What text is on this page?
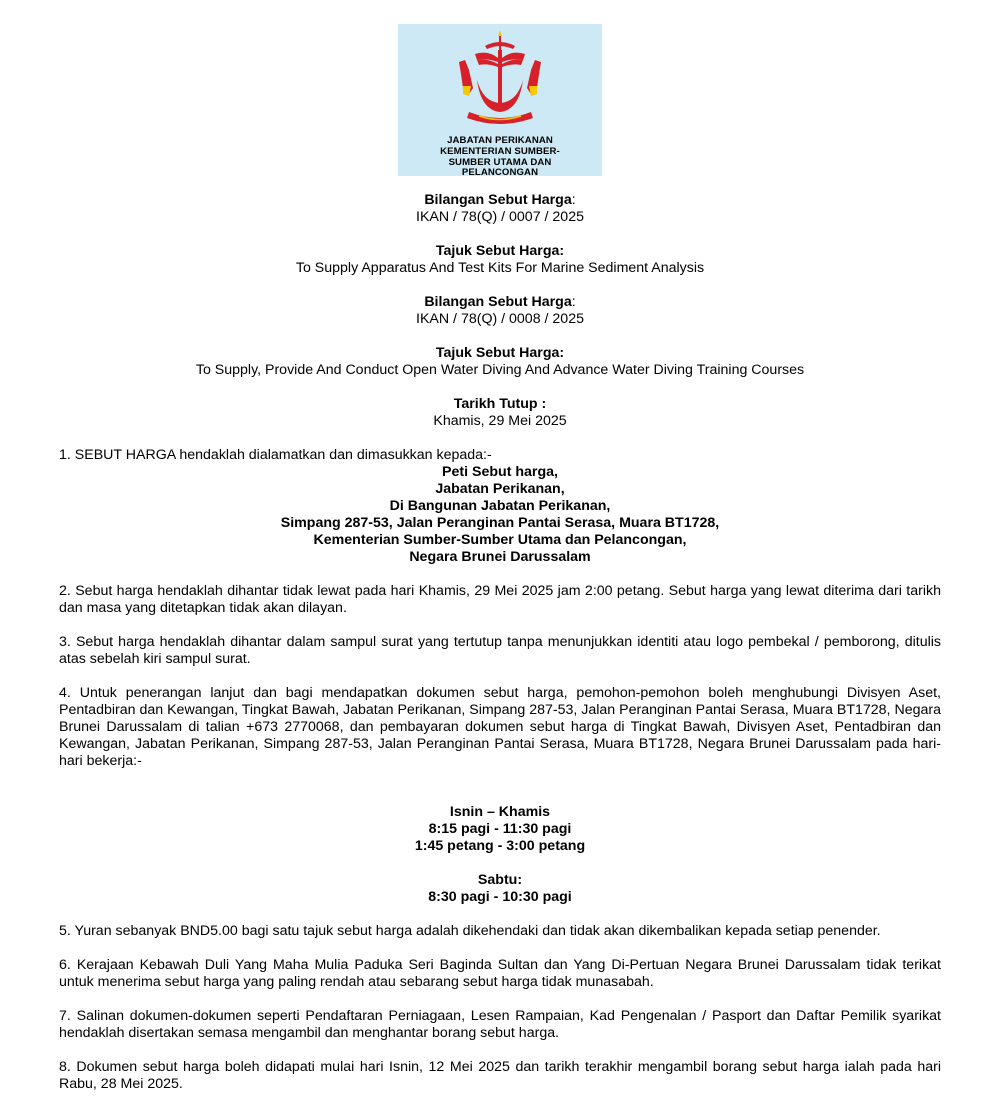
JABATAN PERIKANAN
KEMENTERIAN SUMBER-
SUMBER UTAMA DAN
PELANCONGAN
Bilangan Sebut Harga:
IKAN / 78(Q) / 0007 / 2025
Tajuk Sebut Harga:
To Supply Apparatus And Test Kits For Marine Sediment Analysis
Bilangan Sebut Harga:
IKAN / 78(Q) / 0008 / 2025
Tajuk Sebut Harga:
To Supply, Provide And Conduct Open Water Diving And Advance Water Diving Training Courses
Tarikh Tutup :
Khamis, 29 Mei 2025

1. SEBUT HARGA hendaklah dialamatkan dan dimasukkan kepada:-

Peti Sebut harga,
Jabatan Perikanan,
Di Bangunan Jabatan Perikanan,
Simpang 287-53, Jalan Peranginan Pantai Serasa, Muara BT1728,
Kementerian Sumber-Sumber Utama dan Pelancongan,
Negara Brunei Darussalam

2. Sebut harga hendaklah dihantar tidak lewat pada hari Khamis, 29 Mei 2025 jam 2:00 petang. Sebut harga yang lewat diterima dari tarikh dan masa yang ditetapkan tidak akan dilayan.

3. Sebut harga hendaklah dihantar dalam sampul surat yang tertutup tanpa menunjukkan identiti atau logo pembekal / pemborong, ditulis atas sebelah kiri sampul surat.

4. Untuk penerangan lanjut dan bagi mendapatkan dokumen sebut harga, pemohon-pemohon boleh menghubungi Divisyen Aset, Pentadbiran dan Kewangan, Tingkat Bawah, Jabatan Perikanan, Simpang 287-53, Jalan Peranginan Pantai Serasa, Muara BT1728, Negara Brunei Darussalam di talian +673 2770068, dan pembayaran dokumen sebut harga di Tingkat Bawah, Divisyen Aset, Pentadbiran dan Kewangan, Jabatan Perikanan, Simpang 287-53, Jalan Peranginan Pantai Serasa, Muara BT1728, Negara Brunei Darussalam pada hari-hari bekerja:-

Isnin – Khamis
8:15 pagi - 11:30 pagi
1:45 petang - 3:00 petang
Sabtu:
8:30 pagi - 10:30 pagi

5. Yuran sebanyak BND5.00 bagi satu tajuk sebut harga adalah dikehendaki dan tidak akan dikembalikan kepada setiap penender.

6. Kerajaan Kebawah Duli Yang Maha Mulia Paduka Seri Baginda Sultan dan Yang Di-Pertuan Negara Brunei Darussalam tidak terikat untuk menerima sebut harga yang paling rendah atau sebarang sebut harga tidak munasabah.

7. Salinan dokumen-dokumen seperti Pendaftaran Perniagaan, Lesen Rampaian, Kad Pengenalan / Pasport dan Daftar Pemilik syarikat hendaklah disertakan semasa mengambil dan menghantar borang sebut harga.

8. Dokumen sebut harga boleh didapati mulai hari Isnin, 12 Mei 2025 dan tarikh terakhir mengambil borang sebut harga ialah pada hari Rabu, 28 Mei 2025.
